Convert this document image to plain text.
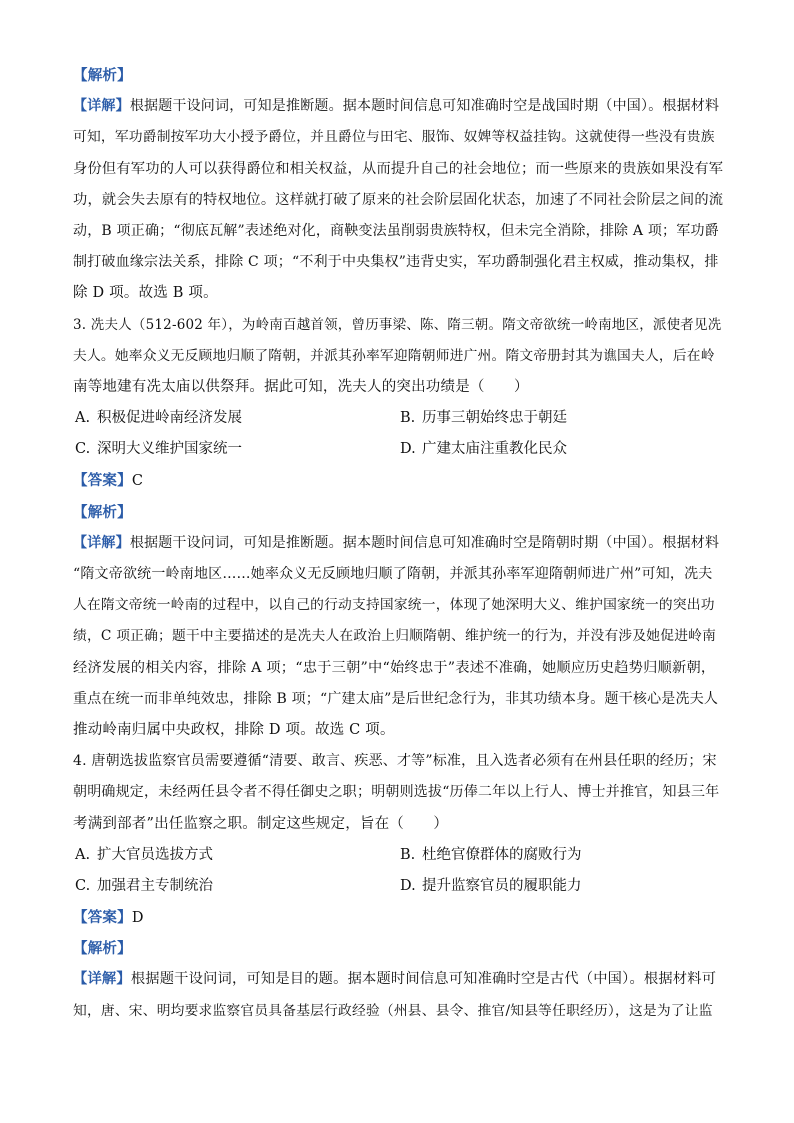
【解析】
【详解】根据题干设问词，可知是推断题。据本题时间信息可知准确时空是战国时期（中国）。根据材料
可知，军功爵制按军功大小授予爵位，并且爵位与田宅、服饰、奴婢等权益挂钩。这就使得一些没有贵族
身份但有军功的人可以获得爵位和相关权益，从而提升自己的社会地位；而一些原来的贵族如果没有军
功，就会失去原有的特权地位。这样就打破了原来的社会阶层固化状态，加速了不同社会阶层之间的流
动，B 项正确；“彻底瓦解”表述绝对化，商鞅变法虽削弱贵族特权，但未完全消除，排除 A 项；军功爵
制打破血缘宗法关系，排除 C 项；“不利于中央集权”违背史实，军功爵制强化君主权威，推动集权，排
除 D 项。故选 B 项。
3. 冼夫人（512-602 年），为岭南百越首领，曾历事梁、陈、隋三朝。隋文帝欲统一岭南地区，派使者见冼
夫人。她率众义无反顾地归顺了隋朝，并派其孙率军迎隋朝师进广州。隋文帝册封其为谯国夫人，后在岭
南等地建有冼太庙以供祭拜。据此可知，冼夫人的突出功绩是（　　）
A. 积极促进岭南经济发展	B. 历事三朝始终忠于朝廷
C. 深明大义维护国家统一	D. 广建太庙注重教化民众
【答案】C
【解析】
【详解】根据题干设问词，可知是推断题。据本题时间信息可知准确时空是隋朝时期（中国）。根据材料
“隋文帝欲统一岭南地区……她率众义无反顾地归顺了隋朝，并派其孙率军迎隋朝师进广州”可知，冼夫
人在隋文帝统一岭南的过程中，以自己的行动支持国家统一，体现了她深明大义、维护国家统一的突出功
绩，C 项正确；题干中主要描述的是冼夫人在政治上归顺隋朝、维护统一的行为，并没有涉及她促进岭南
经济发展的相关内容，排除 A 项；“忠于三朝”中“始终忠于”表述不准确，她顺应历史趋势归顺新朝，
重点在统一而非单纯效忠，排除 B 项；“广建太庙”是后世纪念行为，非其功绩本身。题干核心是冼夫人
推动岭南归属中央政权，排除 D 项。故选 C 项。
4. 唐朝选拔监察官员需要遵循“清要、敢言、疾恶、才等”标准，且入选者必须有在州县任职的经历；宋
朝明确规定，未经两任县令者不得任御史之职；明朝则选拔“历俸二年以上行人、博士并推官，知县三年
考满到部者”出任监察之职。制定这些规定，旨在（　　）
A. 扩大官员选拔方式	B. 杜绝官僚群体的腐败行为
C. 加强君主专制统治	D. 提升监察官员的履职能力
【答案】D
【解析】
【详解】根据题干设问词，可知是目的题。据本题时间信息可知准确时空是古代（中国）。根据材料可
知，唐、宋、明均要求监察官员具备基层行政经验（州县、县令、推官/知县等任职经历），这是为了让监
